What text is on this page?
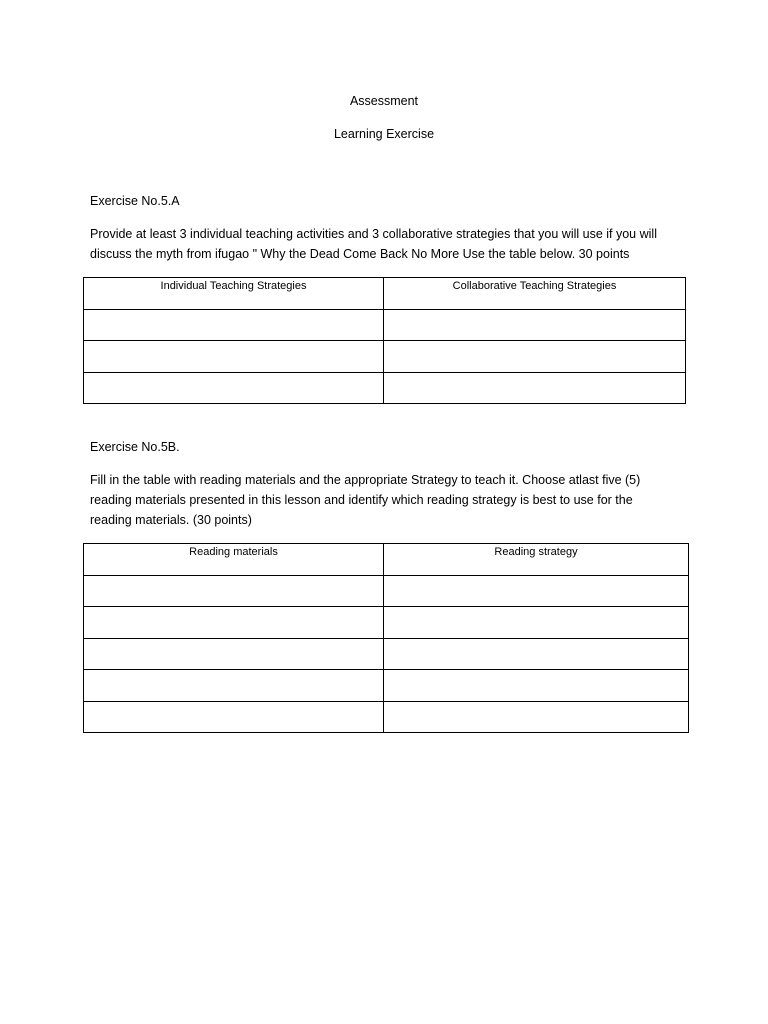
Assessment
Learning Exercise
Exercise No.5.A
Provide at least 3 individual teaching activities and 3 collaborative strategies that you will use if you will
discuss the myth from ifugao " Why the Dead Come Back No More Use the table below. 30 points
Individual Teaching Strategies	Collaborative Teaching Strategies

Exercise No.5B.
Fill in the table with reading materials and the appropriate Strategy to teach it. Choose atlast five (5)
reading materials presented in this lesson and identify which reading strategy is best to use for the
reading materials. (30 points)
Reading materials	Reading strategy
